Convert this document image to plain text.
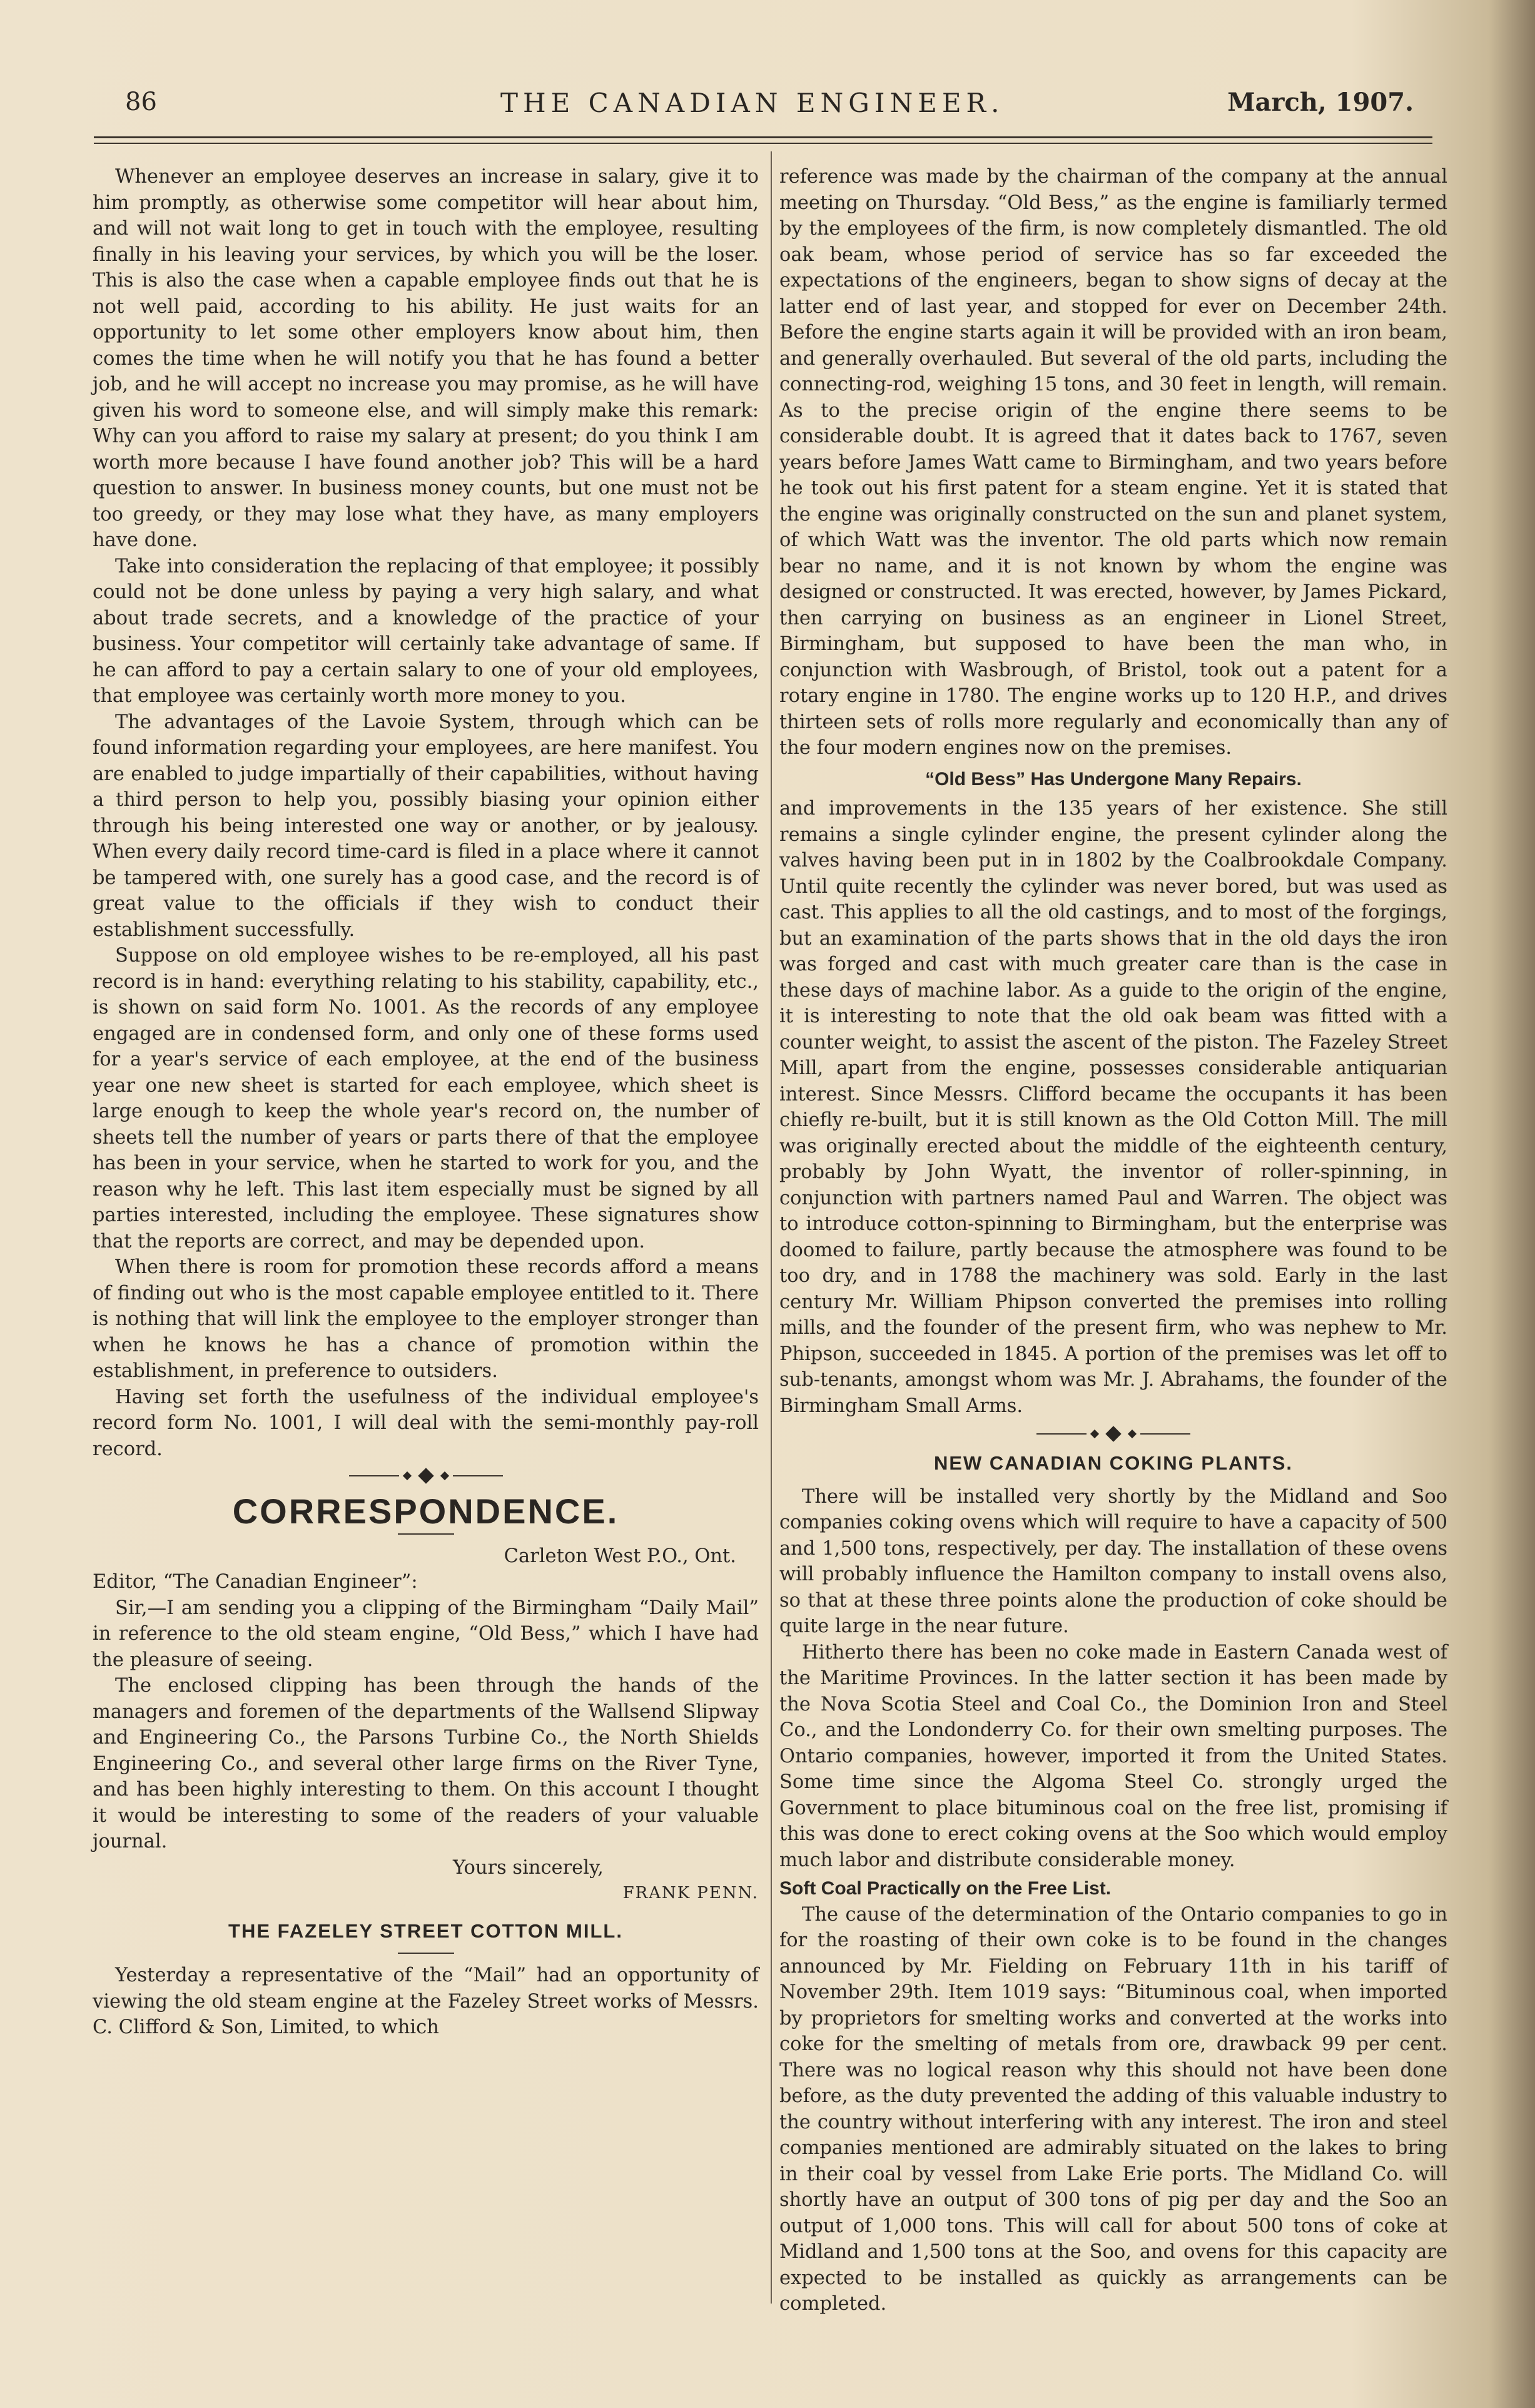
86	THE CANADIAN ENGINEER.	March, 1907.

Whenever an employee deserves an increase in salary, give it to him promptly, as otherwise some competitor will hear about him, and will not wait long to get in touch with the employee, resulting finally in his leaving your services, by which you will be the loser. This is also the case when a capable employee finds out that he is not well paid, according to his ability. He just waits for an opportunity to let some other employers know about him, then comes the time when he will notify you that he has found a better job, and he will accept no increase you may promise, as he will have given his word to someone else, and will simply make this remark: Why can you afford to raise my salary at present; do you think I am worth more because I have found another job? This will be a hard question to answer. In business money counts, but one must not be too greedy, or they may lose what they have, as many employers have done.

Take into consideration the replacing of that employee; it possibly could not be done unless by paying a very high salary, and what about trade secrets, and a knowledge of the practice of your business. Your competitor will certainly take advantage of same. If he can afford to pay a certain salary to one of your old employees, that employee was certainly worth more money to you.

The advantages of the Lavoie System, through which can be found information regarding your employees, are here manifest. You are enabled to judge impartially of their capabilities, without having a third person to help you, possibly biasing your opinion either through his being interested one way or another, or by jealousy. When every daily record time-card is filed in a place where it cannot be tampered with, one surely has a good case, and the record is of great value to the officials if they wish to conduct their establishment successfully.

Suppose on old employee wishes to be re-employed, all his past record is in hand: everything relating to his stability, capability, etc., is shown on said form No. 1001. As the records of any employee engaged are in condensed form, and only one of these forms used for a year's service of each employee, at the end of the business year one new sheet is started for each employee, which sheet is large enough to keep the whole year's record on, the number of sheets tell the number of years or parts there of that the employee has been in your service, when he started to work for you, and the reason why he left. This last item especially must be signed by all parties interested, including the employee. These signatures show that the reports are correct, and may be depended upon.

When there is room for promotion these records afford a means of finding out who is the most capable employee entitled to it. There is nothing that will link the employee to the employer stronger than when he knows he has a chance of promotion within the establishment, in preference to outsiders.

Having set forth the usefulness of the individual employee's record form No. 1001, I will deal with the semi-monthly pay-roll record.

CORRESPONDENCE.

Carleton West P.O., Ont.

Editor, “The Canadian Engineer”:

Sir,—I am sending you a clipping of the Birmingham “Daily Mail” in reference to the old steam engine, “Old Bess,” which I have had the pleasure of seeing.

The enclosed clipping has been through the hands of the managers and foremen of the departments of the Wallsend Slipway and Engineering Co., the Parsons Turbine Co., the North Shields Engineering Co., and several other large firms on the River Tyne, and has been highly interesting to them. On this account I thought it would be interesting to some of the readers of your valuable journal.

Yours sincerely,

FRANK PENN.

THE FAZELEY STREET COTTON MILL.

Yesterday a representative of the “Mail” had an opportunity of viewing the old steam engine at the Fazeley Street works of Messrs. C. Clifford & Son, Limited, to which

reference was made by the chairman of the company at the annual meeting on Thursday. “Old Bess,” as the engine is familiarly termed by the employees of the firm, is now completely dismantled. The old oak beam, whose period of service has so far exceeded the expectations of the engineers, began to show signs of decay at the latter end of last year, and stopped for ever on December 24th. Before the engine starts again it will be provided with an iron beam, and generally overhauled. But several of the old parts, including the connecting-rod, weighing 15 tons, and 30 feet in length, will remain. As to the precise origin of the engine there seems to be considerable doubt. It is agreed that it dates back to 1767, seven years before James Watt came to Birmingham, and two years before he took out his first patent for a steam engine. Yet it is stated that the engine was originally constructed on the sun and planet system, of which Watt was the inventor. The old parts which now remain bear no name, and it is not known by whom the engine was designed or constructed. It was erected, however, by James Pickard, then carrying on business as an engineer in Lionel Street, Birmingham, but supposed to have been the man who, in conjunction with Wasbrough, of Bristol, took out a patent for a rotary engine in 1780. The engine works up to 120 H.P., and drives thirteen sets of rolls more regularly and economically than any of the four modern engines now on the premises.

“Old Bess” Has Undergone Many Repairs.

and improvements in the 135 years of her existence. She still remains a single cylinder engine, the present cylinder along the valves having been put in in 1802 by the Coalbrookdale Company. Until quite recently the cylinder was never bored, but was used as cast. This applies to all the old castings, and to most of the forgings, but an examination of the parts shows that in the old days the iron was forged and cast with much greater care than is the case in these days of machine labor. As a guide to the origin of the engine, it is interesting to note that the old oak beam was fitted with a counter weight, to assist the ascent of the piston. The Fazeley Street Mill, apart from the engine, possesses considerable antiquarian interest. Since Messrs. Clifford became the occupants it has been chiefly re-built, but it is still known as the Old Cotton Mill. The mill was originally erected about the middle of the eighteenth century, probably by John Wyatt, the inventor of roller-spinning, in conjunction with partners named Paul and Warren. The object was to introduce cotton-spinning to Birmingham, but the enterprise was doomed to failure, partly because the atmosphere was found to be too dry, and in 1788 the machinery was sold. Early in the last century Mr. William Phipson converted the premises into rolling mills, and the founder of the present firm, who was nephew to Mr. Phipson, succeeded in 1845. A portion of the premises was let off to sub-tenants, amongst whom was Mr. J. Abrahams, the founder of the Birmingham Small Arms.

NEW CANADIAN COKING PLANTS.

There will be installed very shortly by the Midland and Soo companies coking ovens which will require to have a capacity of 500 and 1,500 tons, respectively, per day. The installation of these ovens will probably influence the Hamilton company to install ovens also, so that at these three points alone the production of coke should be quite large in the near future.

Hitherto there has been no coke made in Eastern Canada west of the Maritime Provinces. In the latter section it has been made by the Nova Scotia Steel and Coal Co., the Dominion Iron and Steel Co., and the Londonderry Co. for their own smelting purposes. The Ontario companies, however, imported it from the United States. Some time since the Algoma Steel Co. strongly urged the Government to place bituminous coal on the free list, promising if this was done to erect coking ovens at the Soo which would employ much labor and distribute considerable money.

Soft Coal Practically on the Free List.

The cause of the determination of the Ontario companies to go in for the roasting of their own coke is to be found in the changes announced by Mr. Fielding on February 11th in his tariff of November 29th. Item 1019 says: “Bituminous coal, when imported by proprietors for smelting works and converted at the works into coke for the smelting of metals from ore, drawback 99 per cent. There was no logical reason why this should not have been done before, as the duty prevented the adding of this valuable industry to the country without interfering with any interest. The iron and steel companies mentioned are admirably situated on the lakes to bring in their coal by vessel from Lake Erie ports. The Midland Co. will shortly have an output of 300 tons of pig per day and the Soo an output of 1,000 tons. This will call for about 500 tons of coke at Midland and 1,500 tons at the Soo, and ovens for this capacity are expected to be installed as quickly as arrangements can be completed.
